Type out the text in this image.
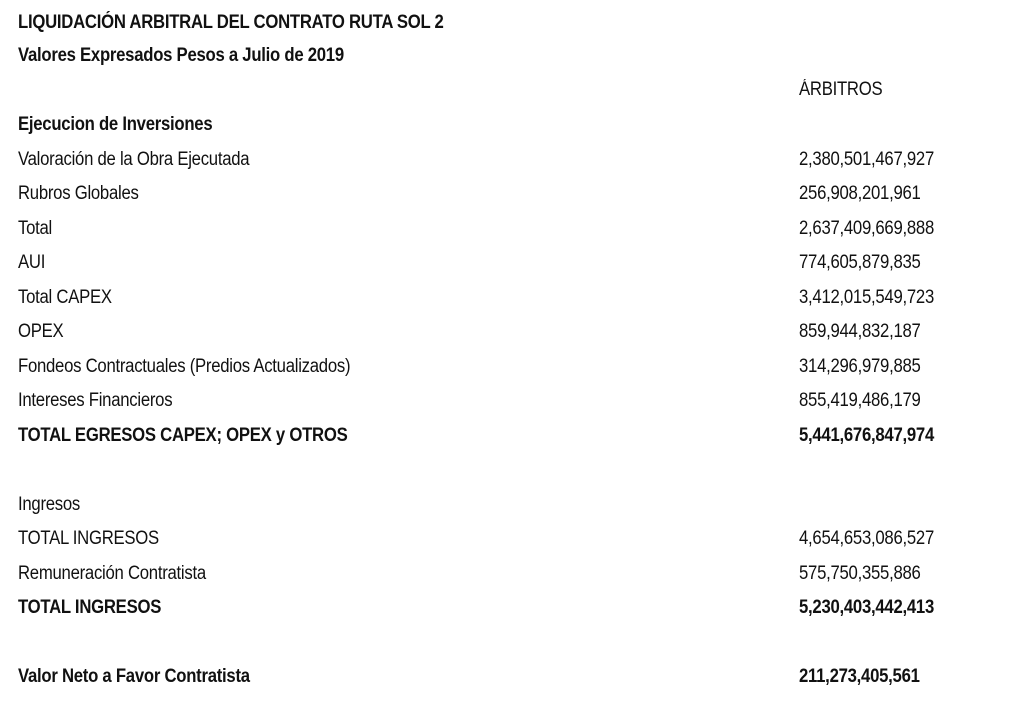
LIQUIDACIÓN ARBITRAL DEL CONTRATO RUTA SOL 2
Valores Expresados Pesos a Julio de 2019
ÁRBITROS
Ejecucion de Inversiones
Valoración de la Obra Ejecutada	2,380,501,467,927
Rubros Globales	256,908,201,961
Total	2,637,409,669,888
AUI	774,605,879,835
Total CAPEX	3,412,015,549,723
OPEX	859,944,832,187
Fondeos Contractuales (Predios Actualizados)	314,296,979,885
Intereses Financieros	855,419,486,179
TOTAL EGRESOS CAPEX; OPEX y OTROS	5,441,676,847,974
Ingresos
TOTAL INGRESOS	4,654,653,086,527
Remuneración Contratista	575,750,355,886
TOTAL INGRESOS	5,230,403,442,413
Valor Neto a Favor Contratista	211,273,405,561
